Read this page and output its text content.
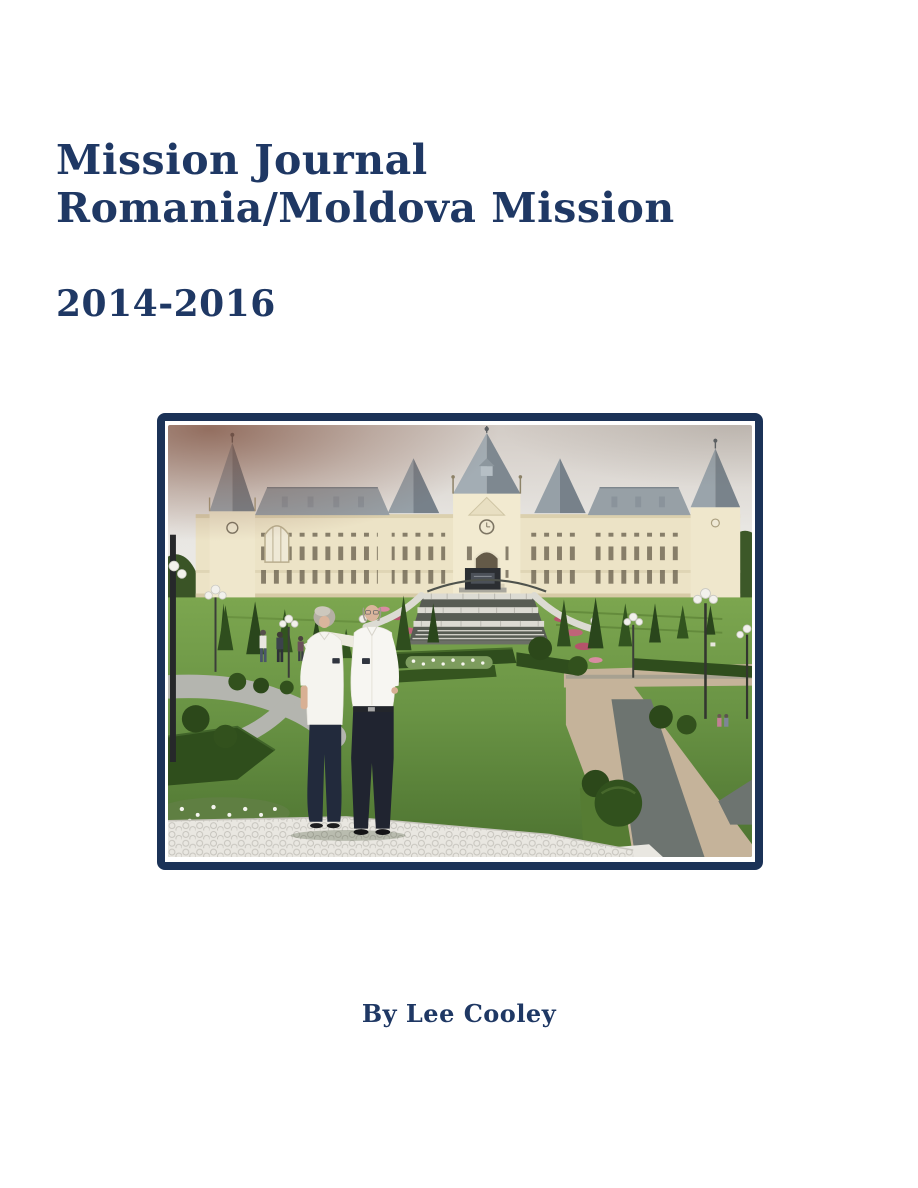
Mission Journal
Romania/Moldova Mission
2014-2016
By Lee Cooley
